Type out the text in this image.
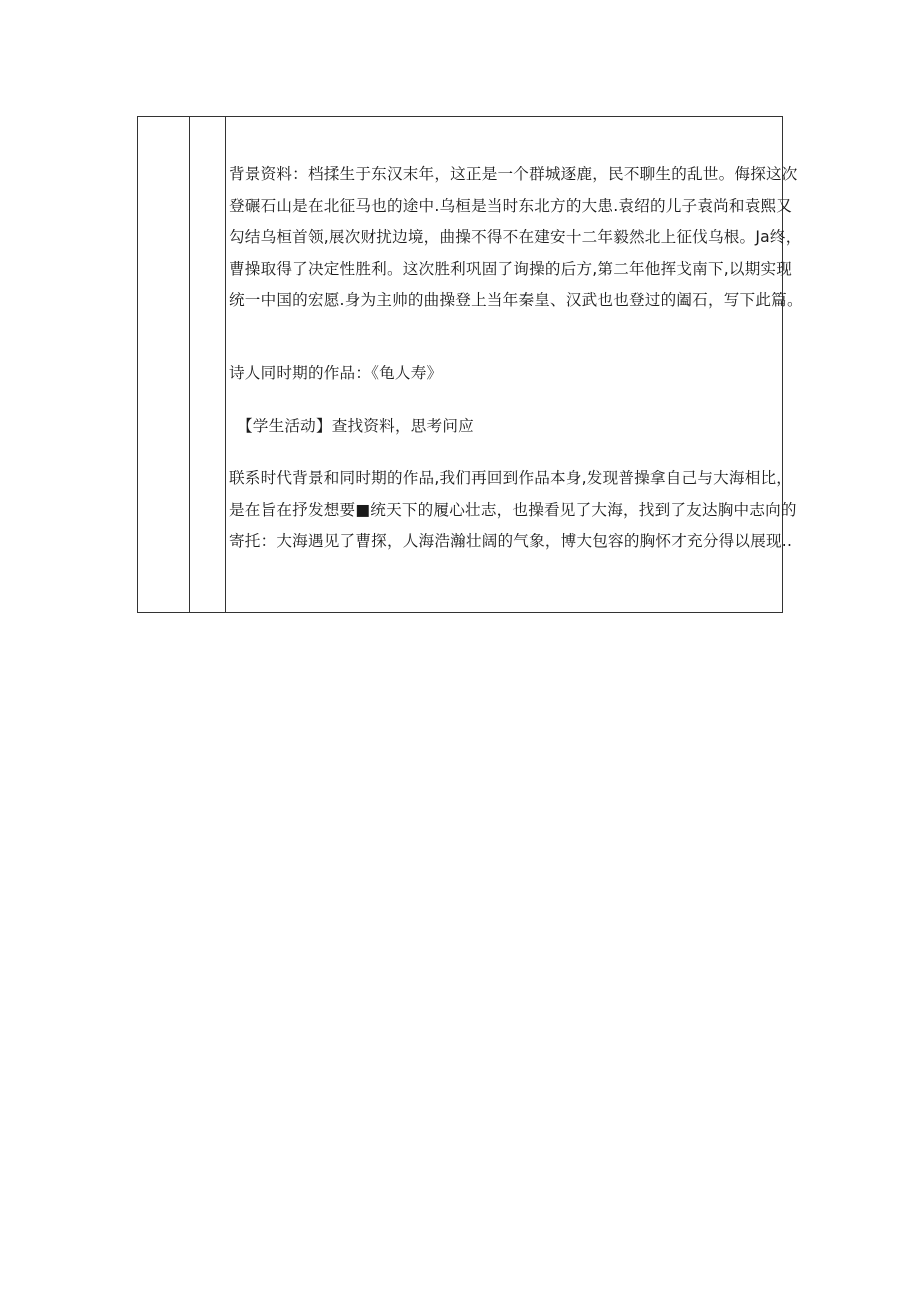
背景资料：档揉生于东汉末年，这正是一个群城逐鹿，民不聊生的乱世。侮探这次
登碾石山是在北征马也的途中.乌桓是当时东北方的大患.袁绍的儿子袁尚和袁熙又
勾结乌桓首领,展次财扰边境，曲操不得不在建安十二年毅然北上征伐乌根。Ja终，
曹操取得了决定性胜利。这次胜利巩固了询操的后方,第二年他挥戈南下,以期实现
统一中国的宏愿.身为主帅的曲操登上当年秦皇、汉武也也登过的阖石，写下此篇。

诗人同时期的作品：《龟人寿》

【学生活动】查找资料，思考问应

联系时代背景和同时期的作品,我们再回到作品本身,发现普操拿自己与大海相比，
是在旨在抒发想要■统天下的履心壮志，也操看见了大海，找到了友达胸中志向的
寄托：大海遇见了曹探，人海浩瀚壮阔的气象，博大包容的胸怀才充分得以展现..
